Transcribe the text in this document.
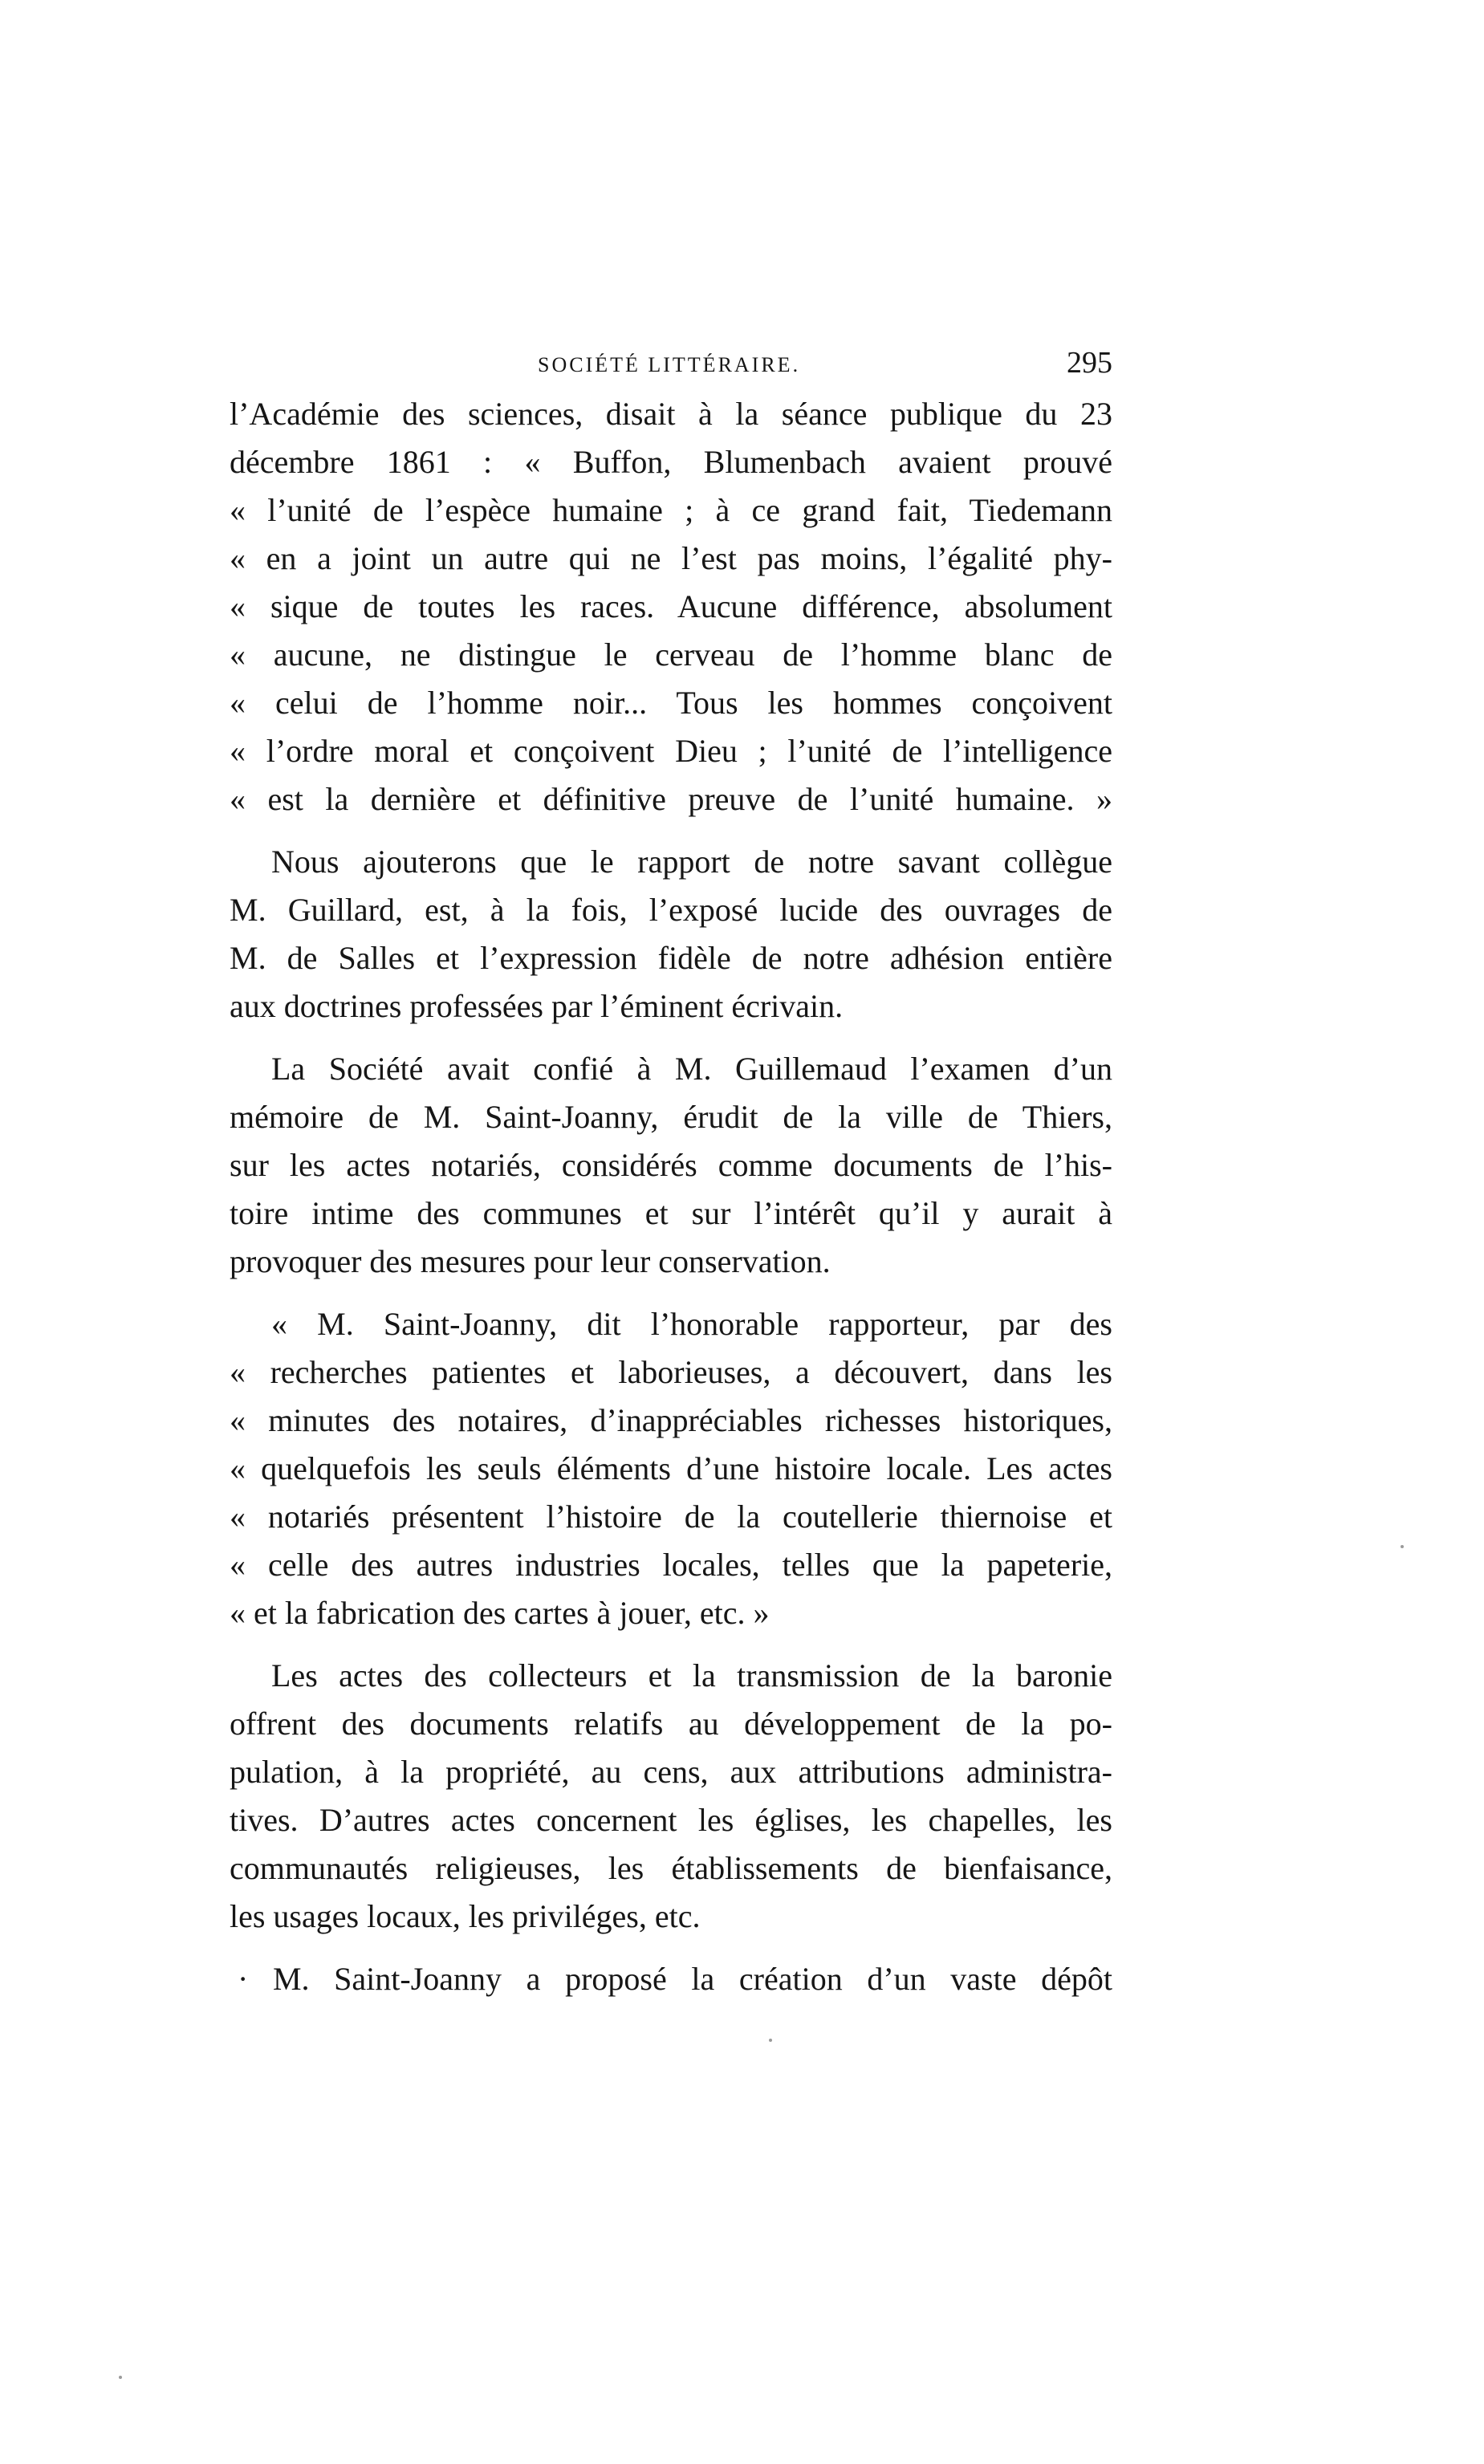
SOCIÉTÉ LITTÉRAIRE.	295

l’Académie des sciences, disait à la séance publique du 23
décembre 1861 : « Buffon, Blumenbach avaient prouvé
« l’unité de l’espèce humaine ; à ce grand fait, Tiedemann
« en a joint un autre qui ne l’est pas moins, l’égalité phy-
« sique de toutes les races. Aucune différence, absolument
« aucune, ne distingue le cerveau de l’homme blanc de
« celui de l’homme noir... Tous les hommes conçoivent
« l’ordre moral et conçoivent Dieu ; l’unité de l’intelligence
« est la dernière et définitive preuve de l’unité humaine. »

Nous ajouterons que le rapport de notre savant collègue
M. Guillard, est, à la fois, l’exposé lucide des ouvrages de
M. de Salles et l’expression fidèle de notre adhésion entière
aux doctrines professées par l’éminent écrivain.

La Société avait confié à M. Guillemaud l’examen d’un
mémoire de M. Saint-Joanny, érudit de la ville de Thiers,
sur les actes notariés, considérés comme documents de l’his-
toire intime des communes et sur l’intérêt qu’il y aurait à
provoquer des mesures pour leur conservation.

« M. Saint-Joanny, dit l’honorable rapporteur, par des
« recherches patientes et laborieuses, a découvert, dans les
« minutes des notaires, d’inappréciables richesses historiques,
« quelquefois les seuls éléments d’une histoire locale. Les actes
« notariés présentent l’histoire de la coutellerie thiernoise et
« celle des autres industries locales, telles que la papeterie,
« et la fabrication des cartes à jouer, etc. »

Les actes des collecteurs et la transmission de la baronie
offrent des documents relatifs au développement de la po-
pulation, à la propriété, au cens, aux attributions administra-
tives. D’autres actes concernent les églises, les chapelles, les
communautés religieuses, les établissements de bienfaisance,
les usages locaux, les priviléges, etc.

· M. Saint-Joanny a proposé la création d’un vaste dépôt
